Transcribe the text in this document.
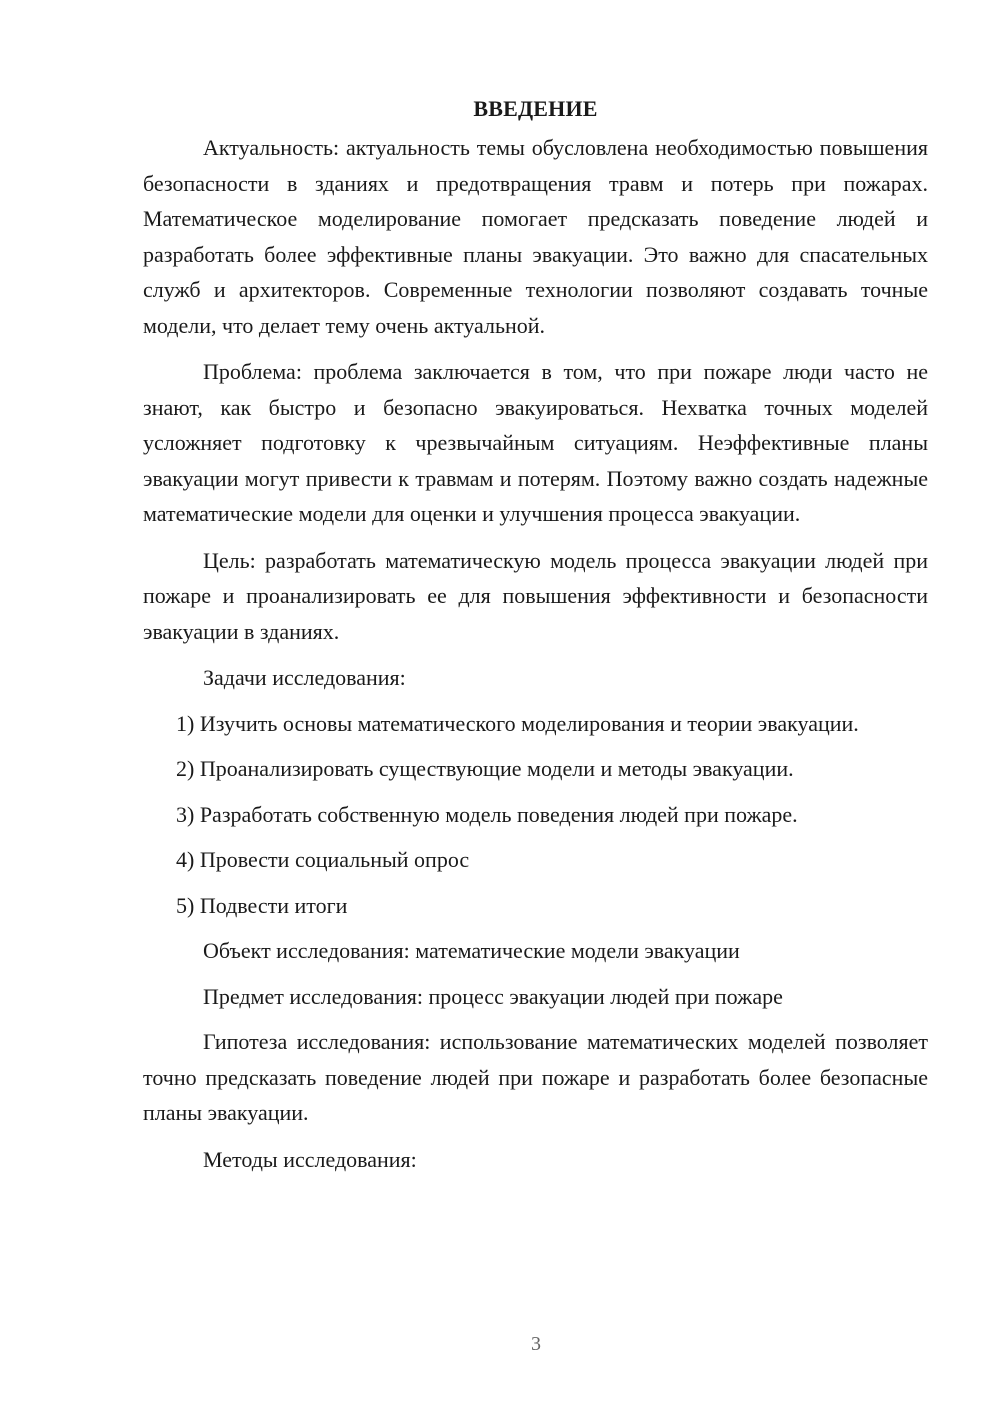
ВВЕДЕНИЕ

Актуальность: актуальность темы обусловлена необходимостью повышения безопасности в зданиях и предотвращения травм и потерь при пожарах. Математическое моделирование помогает предсказать поведение людей и разработать более эффективные планы эвакуации. Это важно для спасательных служб и архитекторов. Современные технологии позволяют создавать точные модели, что делает тему очень актуальной.

Проблема: проблема заключается в том, что при пожаре люди часто не знают, как быстро и безопасно эвакуироваться. Нехватка точных моделей усложняет подготовку к чрезвычайным ситуациям. Неэффективные планы эвакуации могут привести к травмам и потерям. Поэтому важно создать надежные математические модели для оценки и улучшения процесса эвакуации.

Цель: разработать математическую модель процесса эвакуации людей при пожаре и проанализировать ее для повышения эффективности и безопасности эвакуации в зданиях.

Задачи исследования:

1) Изучить основы математического моделирования и теории эвакуации.

2) Проанализировать существующие модели и методы эвакуации.

3) Разработать собственную модель поведения людей при пожаре.

4) Провести социальный опрос

5) Подвести итоги

Объект исследования: математические модели эвакуации

Предмет исследования: процесс эвакуации людей при пожаре

Гипотеза исследования: использование математических моделей позволяет точно предсказать поведение людей при пожаре и разработать более безопасные планы эвакуации.

Методы исследования:

3
